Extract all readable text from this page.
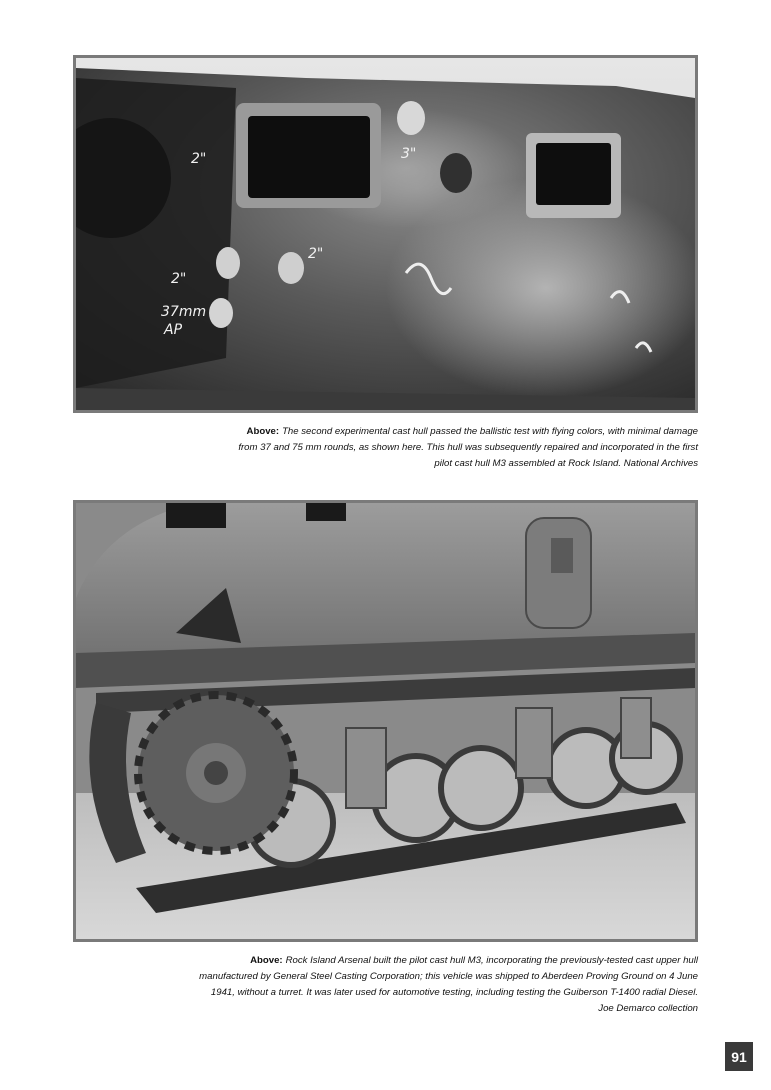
2"	3"
2"
2"
37mm
AP
Above: The second experimental cast hull passed the ballistic test with flying colors, with minimal damage from 37 and 75 mm rounds, as shown here. This hull was subsequently repaired and incorporated in the first pilot cast hull M3 assembled at Rock Island. National Archives
Above: Rock Island Arsenal built the pilot cast hull M3, incorporating the previously-tested cast upper hull manufactured by General Steel Casting Corporation; this vehicle was shipped to Aberdeen Proving Ground on 4 June 1941, without a turret. It was later used for automotive testing, including testing the Guiberson T-1400 radial Diesel. Joe Demarco collection
91
